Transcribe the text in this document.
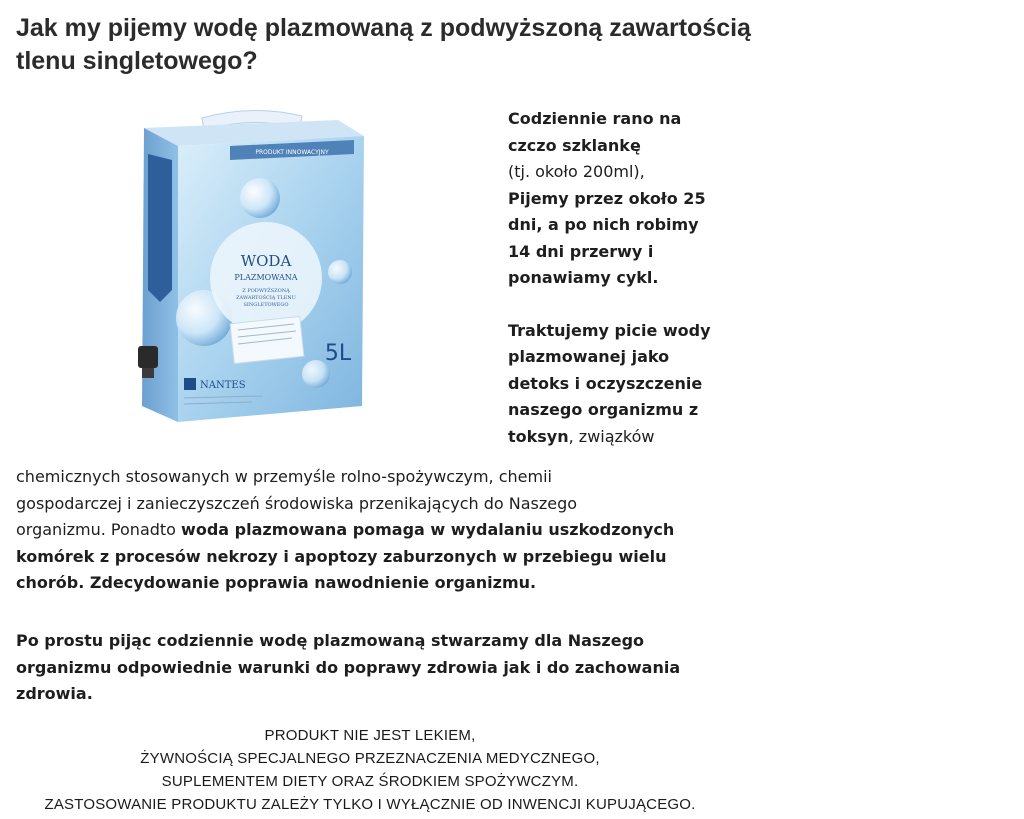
Jak my pijemy wodę plazmowaną z podwyższoną zawartością tlenu singletowego?
PRODUKT INNOWACYJNY
WODA
PLAZMOWANA
Z PODWYŻSZONĄ
ZAWARTOŚCIĄ TLENU
SINGLETOWEGO
5L
NANTES

Codziennie rano na

czczo szklankę

(tj. około 200ml),

Pijemy przez około 25

dni, a po nich robimy

14 dni przerwy i

ponawiamy cykl.

Traktujemy picie wody

plazmowanej jako

detoks i oczyszczenie

naszego organizmu z

toksyn, związków

chemicznych stosowanych w przemyśle rolno-spożywczym, chemii

gospodarczej i zanieczyszczeń środowiska przenikających do Naszego

organizmu. Ponadto woda plazmowana pomaga w wydalaniu uszkodzonych

komórek z procesów nekrozy i apoptozy zaburzonych w przebiegu wielu

chorób. Zdecydowanie poprawia nawodnienie organizmu.

Po prostu pijąc codziennie wodę plazmowaną stwarzamy dla Naszego

organizmu odpowiednie warunki do poprawy zdrowia jak i do zachowania

zdrowia.

PRODUKT NIE JEST LEKIEM,
ŻYWNOŚCIĄ SPECJALNEGO PRZEZNACZENIA MEDYCZNEGO,
SUPLEMENTEM DIETY ORAZ ŚRODKIEM SPOŻYWCZYM.
ZASTOSOWANIE PRODUKTU ZALEŻY TYLKO I WYŁĄCZNIE OD INWENCJI KUPUJĄCEGO.
